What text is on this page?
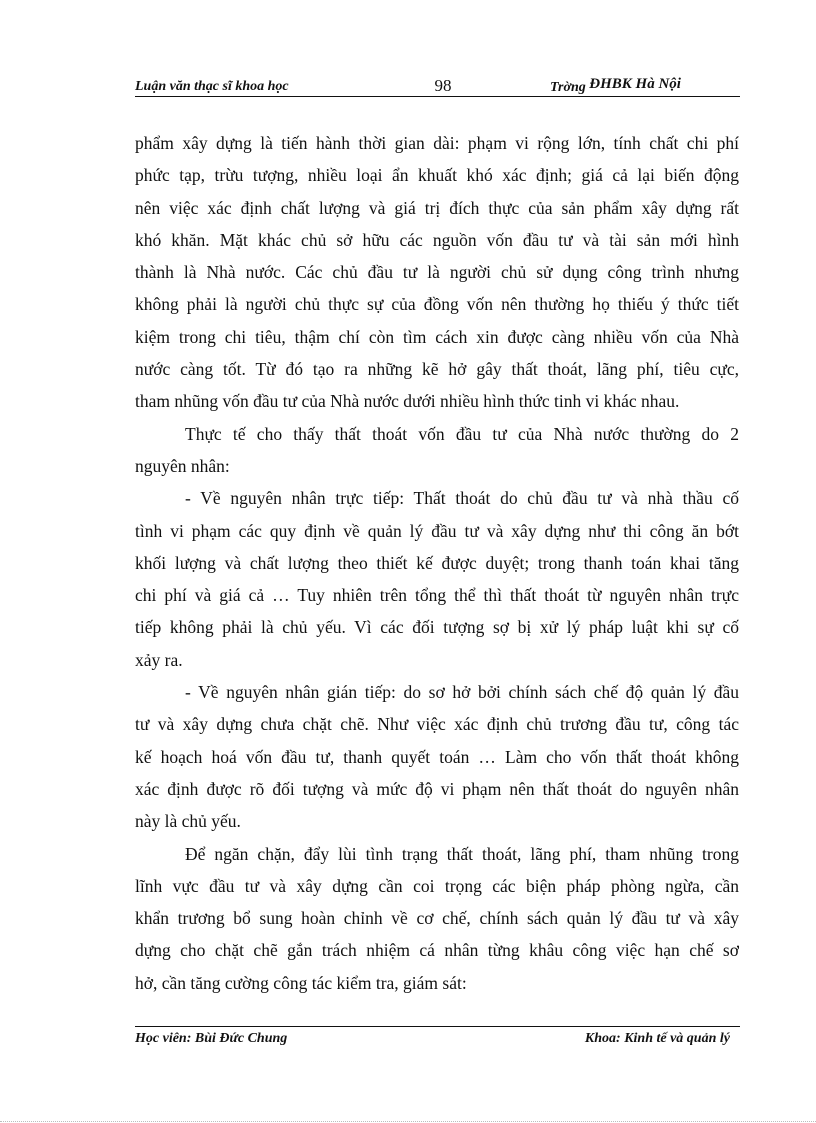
Luận văn thạc sĩ khoa học	98	Trờng ĐHBK Hà Nội
phẩm xây dựng là tiến hành thời gian dài: phạm vi rộng lớn, tính chất chi phí
phức tạp, trừu tượng, nhiều loại ẩn khuất khó xác định; giá cả lại biến động
nên việc xác định chất lượng và giá trị đích thực của sản phẩm xây dựng rất
khó khăn. Mặt khác chủ sở hữu các nguồn vốn đầu tư và tài sản mới hình
thành là Nhà nước. Các chủ đầu tư là người chủ sử dụng công trình nhưng
không phải là người chủ thực sự của đồng vốn nên thường họ thiếu ý thức tiết
kiệm trong chi tiêu, thậm chí còn tìm cách xin được càng nhiều vốn của Nhà
nước càng tốt. Từ đó tạo ra những kẽ hở gây thất thoát, lãng phí, tiêu cực,
tham nhũng vốn đầu tư của Nhà nước dưới nhiều hình thức tinh vi khác nhau.
Thực tế cho thấy thất thoát vốn đầu tư của Nhà nước thường do 2
nguyên nhân:
- Về nguyên nhân trực tiếp: Thất thoát do chủ đầu tư và nhà thầu cố
tình vi phạm các quy định về quản lý đầu tư và xây dựng như thi công ăn bớt
khối lượng và chất lượng theo thiết kế được duyệt; trong thanh toán khai tăng
chi phí và giá cả … Tuy nhiên trên tổng thể thì thất thoát từ nguyên nhân trực
tiếp không phải là chủ yếu. Vì các đối tượng sợ bị xử lý pháp luật khi sự cố
xảy ra.
- Về nguyên nhân gián tiếp: do sơ hở bởi chính sách chế độ quản lý đầu
tư và xây dựng chưa chặt chẽ. Như việc xác định chủ trương đầu tư, công tác
kế hoạch hoá vốn đầu tư, thanh quyết toán … Làm cho vốn thất thoát không
xác định được rõ đối tượng và mức độ vi phạm nên thất thoát do nguyên nhân
này là chủ yếu.
Để ngăn chặn, đẩy lùi tình trạng thất thoát, lãng phí, tham nhũng trong
lĩnh vực đầu tư và xây dựng cần coi trọng các biện pháp phòng ngừa, cần
khẩn trương bổ sung hoàn chỉnh về cơ chế, chính sách quản lý đầu tư và xây
dựng cho chặt chẽ gắn trách nhiệm cá nhân từng khâu công việc hạn chế sơ
hở, cần tăng cường công tác kiểm tra, giám sát:
Học viên: Bùi Đức Chung	Khoa: Kinh tế và quản lý
